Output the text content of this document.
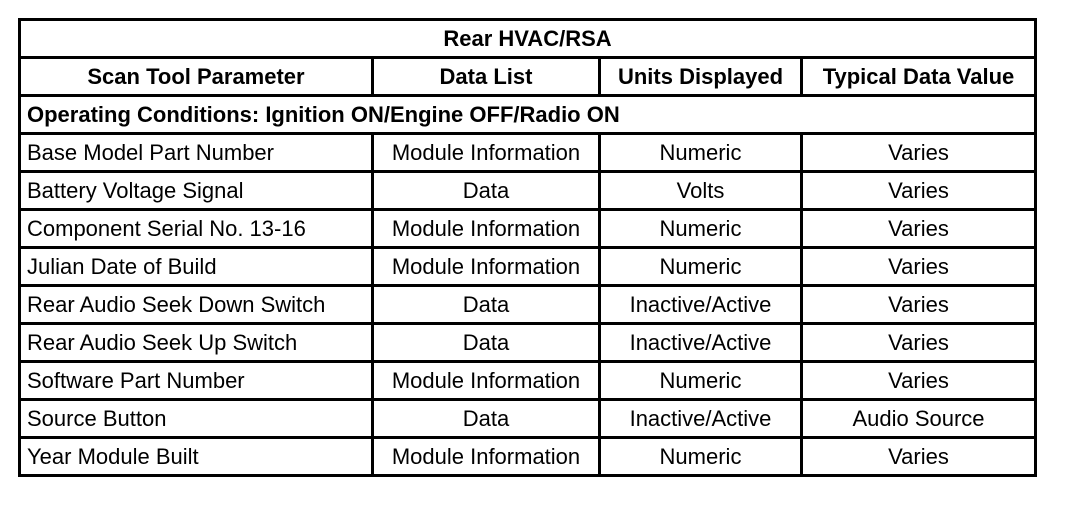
Rear HVAC/RSA			
Scan Tool Parameter	Data List	Units Displayed	Typical Data Value
Operating Conditions: Ignition ON/Engine OFF/Radio ON			
Base Model Part Number	Module Information	Numeric	Varies
Battery Voltage Signal	Data	Volts	Varies
Component Serial No. 13-16	Module Information	Numeric	Varies
Julian Date of Build	Module Information	Numeric	Varies
Rear Audio Seek Down Switch	Data	Inactive/Active	Varies
Rear Audio Seek Up Switch	Data	Inactive/Active	Varies
Software Part Number	Module Information	Numeric	Varies
Source Button	Data	Inactive/Active	Audio Source
Year Module Built	Module Information	Numeric	Varies
